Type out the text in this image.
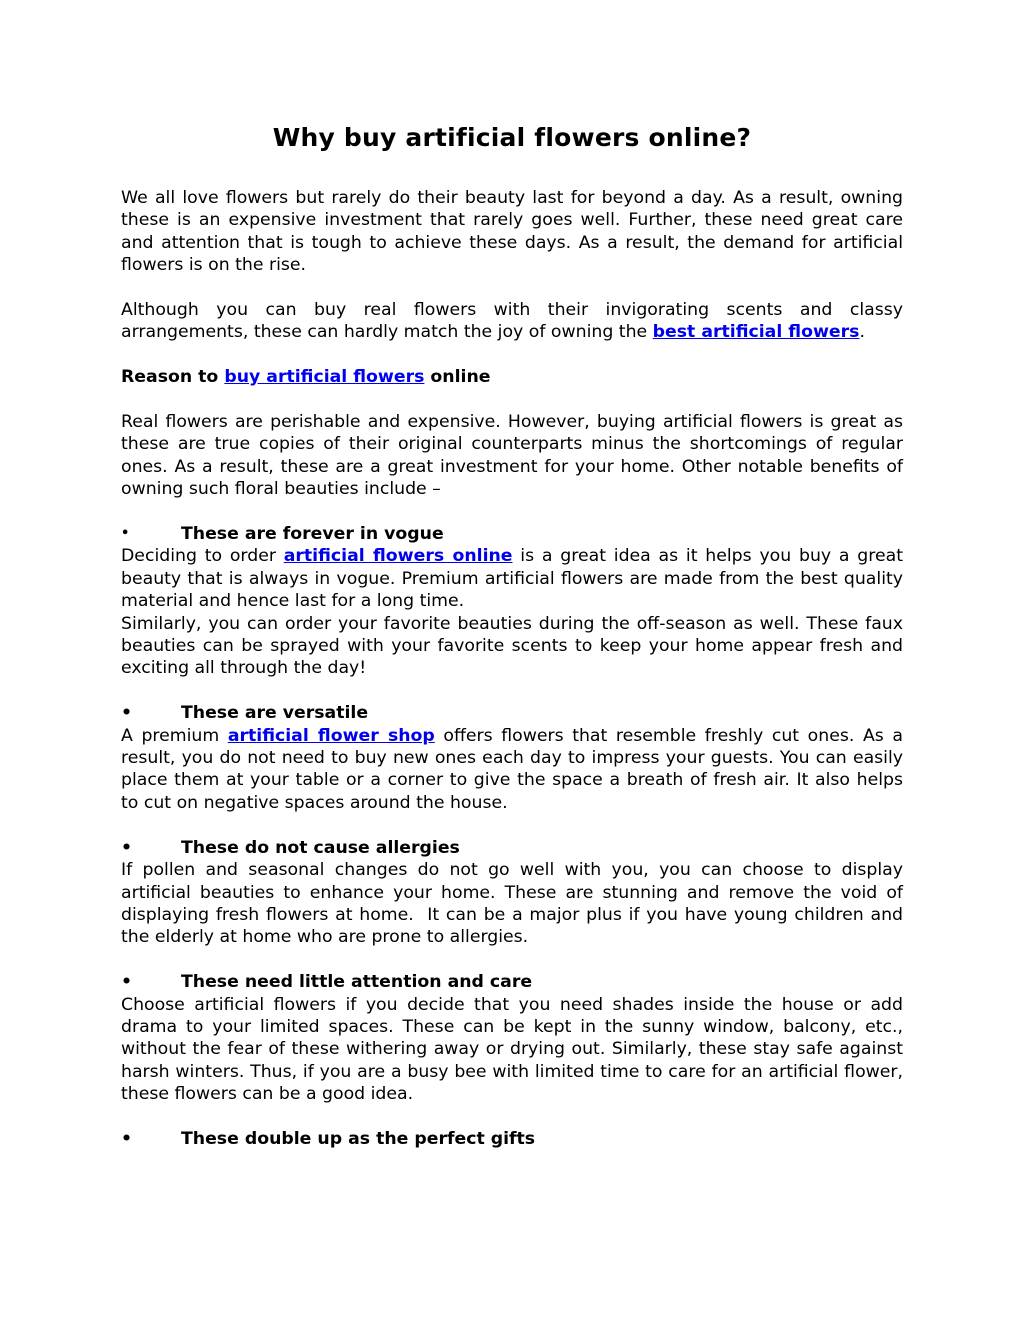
Why buy artificial flowers online?

We all love flowers but rarely do their beauty last for beyond a day. As a result, owning these is an expensive investment that rarely goes well. Further, these need great care and attention that is tough to achieve these days. As a result, the demand for artificial flowers is on the rise.

Although you can buy real flowers with their invigorating scents and classy arrangements, these can hardly match the joy of owning the best artificial flowers.

Reason to buy artificial flowers online

Real flowers are perishable and expensive. However, buying artificial flowers is great as these are true copies of their original counterparts minus the shortcomings of regular ones. As a result, these are a great investment for your home. Other notable benefits of owning such floral beauties include –

•	These are forever in vogue

Deciding to order artificial flowers online is a great idea as it helps you buy a great beauty that is always in vogue. Premium artificial flowers are made from the best quality material and hence last for a long time.

Similarly, you can order your favorite beauties during the off-season as well. These faux beauties can be sprayed with your favorite scents to keep your home appear fresh and exciting all through the day!

•	These are versatile

A premium artificial flower shop offers flowers that resemble freshly cut ones. As a result, you do not need to buy new ones each day to impress your guests. You can easily place them at your table or a corner to give the space a breath of fresh air. It also helps to cut on negative spaces around the house.

•	These do not cause allergies

If pollen and seasonal changes do not go well with you, you can choose to display artificial beauties to enhance your home. These are stunning and remove the void of displaying fresh flowers at home.  It can be a major plus if you have young children and the elderly at home who are prone to allergies.

•	These need little attention and care

Choose artificial flowers if you decide that you need shades inside the house or add drama to your limited spaces. These can be kept in the sunny window, balcony, etc., without the fear of these withering away or drying out. Similarly, these stay safe against harsh winters. Thus, if you are a busy bee with limited time to care for an artificial flower, these flowers can be a good idea.

•	These double up as the perfect gifts
